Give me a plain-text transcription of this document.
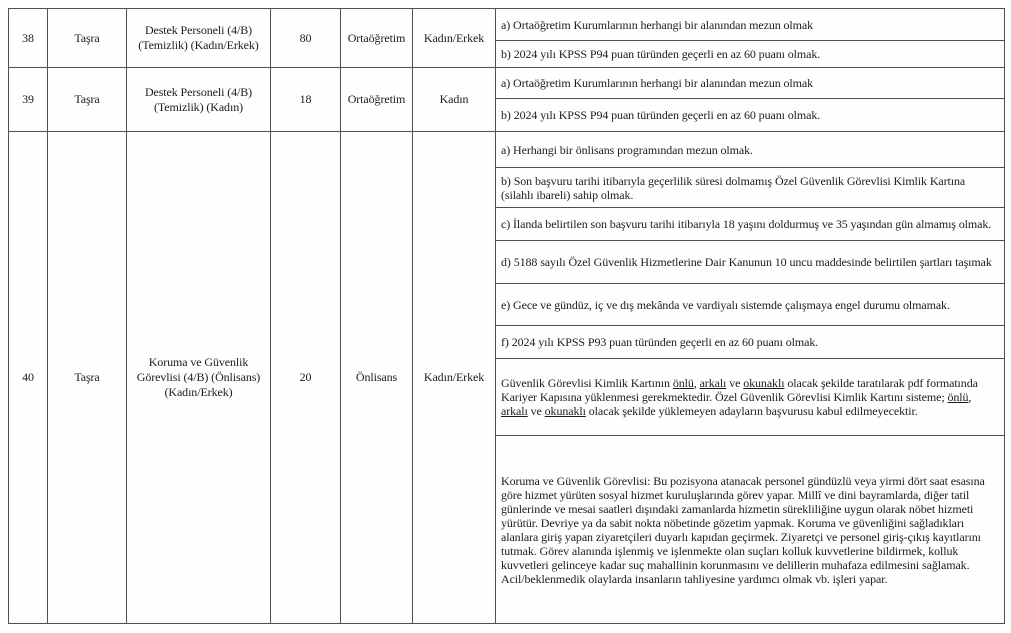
38	Taşra	Destek Personeli (4/B) (Temizlik) (Kadın/Erkek)	80	Ortaöğretim	Kadın/Erkek	a) Ortaöğretim Kurumlarının herhangi bir alanından mezun olmak

						b) 2024 yılı KPSS P94 puan türünden geçerli en az 60 puanı olmak.

39	Taşra	Destek Personeli (4/B) (Temizlik) (Kadın)	18	Ortaöğretim	Kadın	a) Ortaöğretim Kurumlarının herhangi bir alanından mezun olmak

						b) 2024 yılı KPSS P94 puan türünden geçerli en az 60 puanı olmak.

40	Taşra	Koruma ve Güvenlik Görevlisi (4/B) (Önlisans)(Kadın/Erkek)	20	Önlisans	Kadın/Erkek	a) Herhangi bir önlisans programından mezun olmak.

						b) Son başvuru tarihi itibarıyla geçerlilik süresi dolmamış Özel Güvenlik Görevlisi Kimlik Kartına (silahlı ibareli) sahip olmak.

						c) İlanda belirtilen son başvuru tarihi itibarıyla 18 yaşını doldurmuş ve 35 yaşından gün almamış olmak.

						d) 5188 sayılı Özel Güvenlik Hizmetlerine Dair Kanunun 10 uncu maddesinde belirtilen şartları taşımak

						e) Gece ve gündüz, iç ve dış mekânda ve vardiyalı sistemde çalışmaya engel durumu olmamak.

						f) 2024 yılı KPSS P93 puan türünden geçerli en az 60 puanı olmak.

						Güvenlik Görevlisi Kimlik Kartının önlü, arkalı ve okunaklı olacak şekilde taratılarak pdf formatında Kariyer Kapısına yüklenmesi gerekmektedir. Özel Güvenlik Görevlisi Kimlik Kartını sisteme; önlü, arkalı ve okunaklı olacak şekilde yüklemeyen adayların başvurusu kabul edilmeyecektir.

						Koruma ve Güvenlik Görevlisi: Bu pozisyona atanacak personel gündüzlü veya yirmi dört saat esasına göre hizmet yürüten sosyal hizmet kuruluşlarında görev yapar. Millî ve dini bayramlarda, diğer tatil günlerinde ve mesai saatleri dışındaki zamanlarda hizmetin sürekliliğine uygun olarak nöbet hizmeti yürütür. Devriye ya da sabit nokta nöbetinde gözetim yapmak. Koruma ve güvenliğini sağladıkları alanlara giriş yapan ziyaretçileri duyarlı kapıdan geçirmek. Ziyaretçi ve personel giriş-çıkış kayıtlarını tutmak. Görev alanında işlenmiş ve işlenmekte olan suçları kolluk kuvvetlerine bildirmek, kolluk kuvvetleri gelinceye kadar suç mahallinin korunmasını ve delillerin muhafaza edilmesini sağlamak. Acil/beklenmedik olaylarda insanların tahliyesine yardımcı olmak vb. işleri yapar.
